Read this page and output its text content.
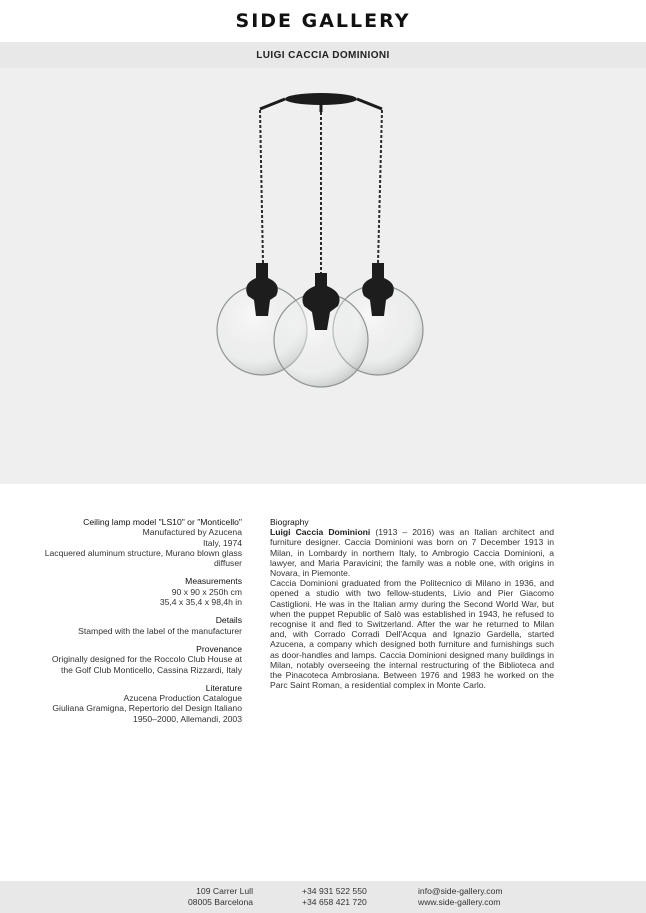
SIDE GALLERY
LUIGI CACCIA DOMINIONI
Ceiling lamp model "LS10" or "Monticello"
Manufactured by Azucena
Italy, 1974
Lacquered aluminum structure, Murano blown glass
diffuser
Measurements
90 x 90 x 250h cm
35,4 x 35,4 x 98,4h in
Details
Stamped with the label of the manufacturer
Provenance
Originally designed for the Roccolo Club House at
the Golf Club Monticello, Cassina Rizzardi, Italy
Literature
Azucena Production Catalogue
Giuliana Gramigna, Repertorio del Design Italiano
1950–2000, Allemandi, 2003
Biography

Luigi Caccia Dominioni (1913 – 2016) was an Italian architect and furniture designer. Caccia Dominioni was born on 7 December 1913 in Milan, in Lombardy in northern Italy, to Ambrogio Caccia Dominioni, a lawyer, and Maria Paravicini; the family was a noble one, with origins in Novara, in Piemonte.

Caccia Dominioni graduated from the Politecnico di Milano in 1936, and opened a studio with two fellow-students, Livio and Pier Giacomo Castiglioni. He was in the Italian army during the Second World War, but when the puppet Republic of Salò was established in 1943, he refused to recognise it and fled to Switzerland. After the war he returned to Milan and, with Corrado Corradi Dell'Acqua and Ignazio Gardella, started Azucena, a company which designed both furniture and furnishings such as door-handles and lamps. Caccia Dominioni designed many buildings in Milan, notably overseeing the internal restructuring of the Biblioteca and the Pinacoteca Ambrosiana. Between 1976 and 1983 he worked on the Parc Saint Roman, a residential complex in Monte Carlo.

109 Carrer Lull
08005 Barcelona
+34 931 522 550
+34 658 421 720
info@side-gallery.com
www.side-gallery.com
